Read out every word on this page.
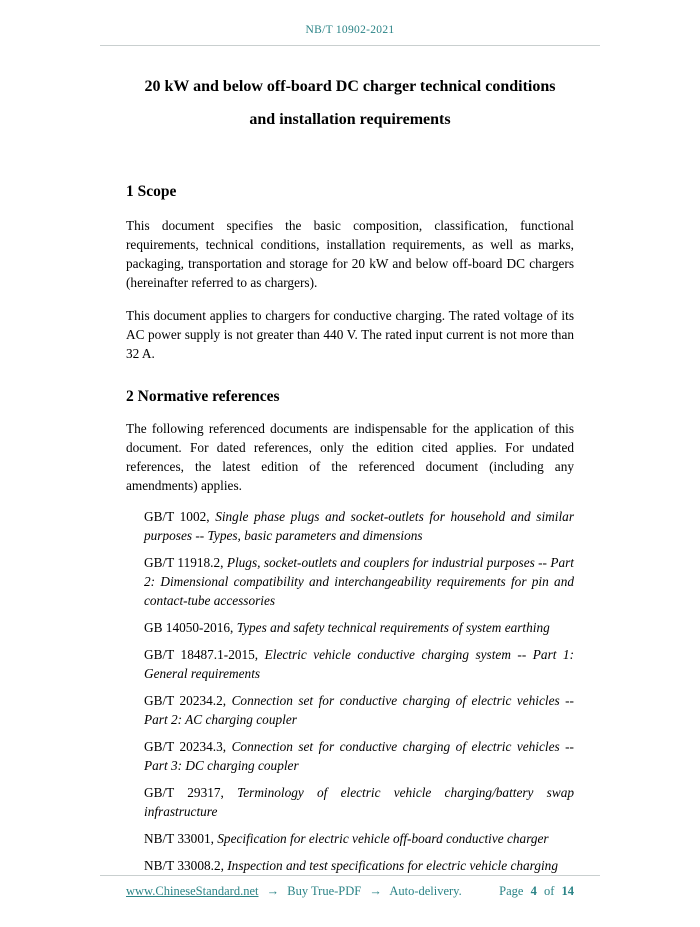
NB/T 10902-2021
20 kW and below off-board DC charger technical conditions
and installation requirements
1 Scope

This document specifies the basic composition, classification, functional requirements, technical conditions, installation requirements, as well as marks, packaging, transportation and storage for 20 kW and below off-board DC chargers (hereinafter referred to as chargers).

This document applies to chargers for conductive charging. The rated voltage of its AC power supply is not greater than 440 V. The rated input current is not more than 32 A.

2 Normative references

The following referenced documents are indispensable for the application of this document. For dated references, only the edition cited applies. For undated references, the latest edition of the referenced document (including any amendments) applies.

GB/T 1002, Single phase plugs and socket-outlets for household and similar purposes -- Types, basic parameters and dimensions

GB/T 11918.2, Plugs, socket-outlets and couplers for industrial purposes -- Part 2: Dimensional compatibility and interchangeability requirements for pin and contact-tube accessories

GB 14050-2016, Types and safety technical requirements of system earthing

GB/T 18487.1-2015, Electric vehicle conductive charging system -- Part 1: General requirements

GB/T 20234.2, Connection set for conductive charging of electric vehicles -- Part 2: AC charging coupler

GB/T 20234.3, Connection set for conductive charging of electric vehicles -- Part 3: DC charging coupler

GB/T 29317, Terminology of electric vehicle charging/battery swap infrastructure

NB/T 33001, Specification for electric vehicle off-board conductive charger

NB/T 33008.2, Inspection and test specifications for electric vehicle charging

www.ChineseStandard.net → Buy True-PDF → Auto-delivery.	Page 4 of 14
